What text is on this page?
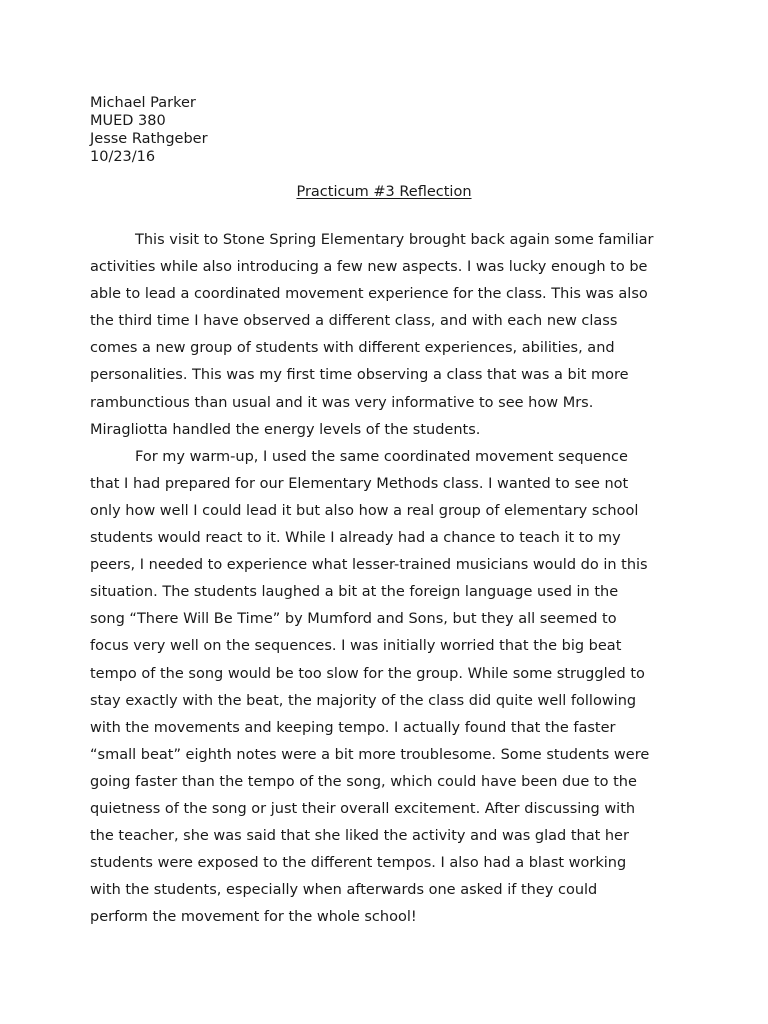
Michael Parker
MUED 380
Jesse Rathgeber
10/23/16
Practicum #3 Reflection
This visit to Stone Spring Elementary brought back again some familiar
activities while also introducing a few new aspects. I was lucky enough to be
able to lead a coordinated movement experience for the class. This was also
the third time I have observed a different class, and with each new class
comes a new group of students with different experiences, abilities, and
personalities. This was my first time observing a class that was a bit more
rambunctious than usual and it was very informative to see how Mrs.
Miragliotta handled the energy levels of the students.
For my warm-up, I used the same coordinated movement sequence
that I had prepared for our Elementary Methods class. I wanted to see not
only how well I could lead it but also how a real group of elementary school
students would react to it. While I already had a chance to teach it to my
peers, I needed to experience what lesser-trained musicians would do in this
situation. The students laughed a bit at the foreign language used in the
song “There Will Be Time” by Mumford and Sons, but they all seemed to
focus very well on the sequences. I was initially worried that the big beat
tempo of the song would be too slow for the group. While some struggled to
stay exactly with the beat, the majority of the class did quite well following
with the movements and keeping tempo. I actually found that the faster
“small beat” eighth notes were a bit more troublesome. Some students were
going faster than the tempo of the song, which could have been due to the
quietness of the song or just their overall excitement. After discussing with
the teacher, she was said that she liked the activity and was glad that her
students were exposed to the different tempos. I also had a blast working
with the students, especially when afterwards one asked if they could
perform the movement for the whole school!
